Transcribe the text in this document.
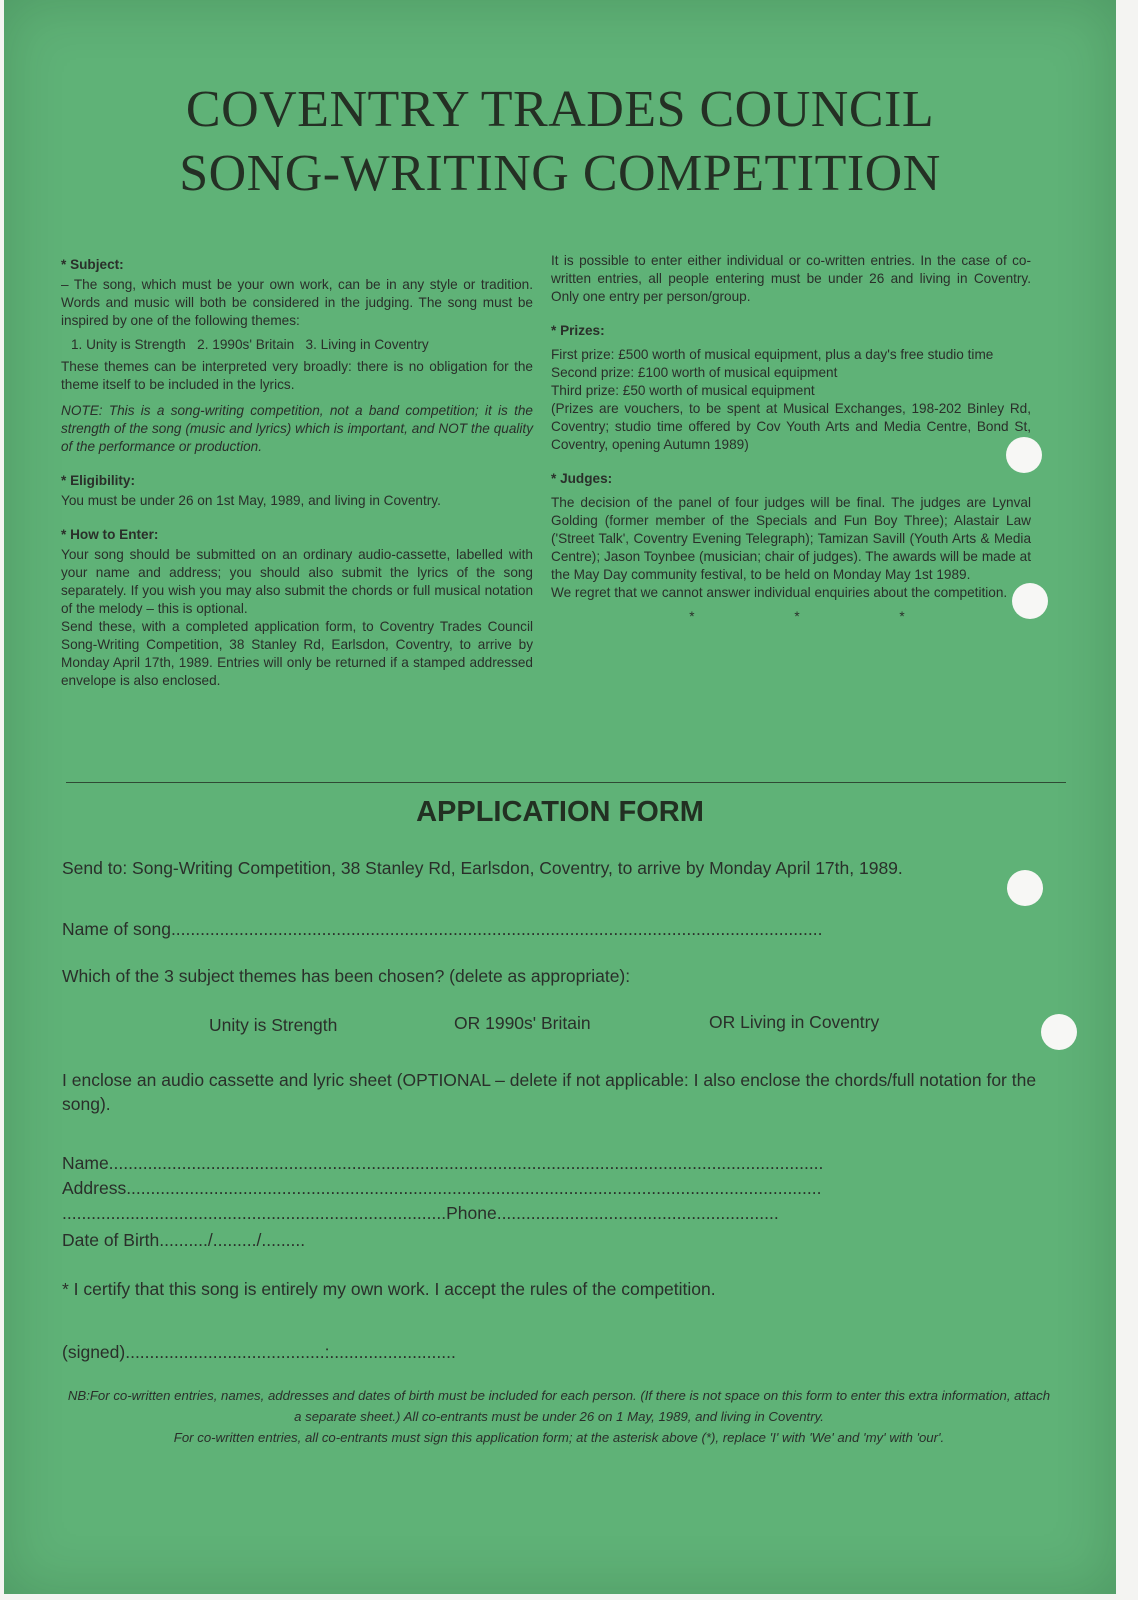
COVENTRY TRADES COUNCIL
SONG-WRITING COMPETITION
* Subject:

– The song, which must be your own work, can be in any style or tradition. Words and music will both be considered in the judging. The song must be inspired by one of the following themes:

1. Unity is Strength   2. 1990s' Britain   3. Living in Coventry

These themes can be interpreted very broadly: there is no obligation for the theme itself to be included in the lyrics.

NOTE: This is a song-writing competition, not a band competition; it is the strength of the song (music and lyrics) which is important, and NOT the quality of the performance or production.

* Eligibility:

You must be under 26 on 1st May, 1989, and living in Coventry.

* How to Enter:

Your song should be submitted on an ordinary audio-cassette, labelled with your name and address; you should also submit the lyrics of the song separately. If you wish you may also submit the chords or full musical notation of the melody – this is optional.

Send these, with a completed application form, to Coventry Trades Council Song-Writing Competition, 38 Stanley Rd, Earlsdon, Coventry, to arrive by Monday April 17th, 1989. Entries will only be returned if a stamped addressed envelope is also enclosed.

It is possible to enter either individual or co-written entries. In the case of co-written entries, all people entering must be under 26 and living in Coventry. Only one entry per person/group.

* Prizes:

First prize: £500 worth of musical equipment, plus a day's free studio time

Second prize: £100 worth of musical equipment

Third prize: £50 worth of musical equipment

(Prizes are vouchers, to be spent at Musical Exchanges, 198-202 Binley Rd, Coventry; studio time offered by Cov Youth Arts and Media Centre, Bond St, Coventry, opening Autumn 1989)

* Judges:

The decision of the panel of four judges will be final. The judges are Lynval Golding (former member of the Specials and Fun Boy Three); Alastair Law ('Street Talk', Coventry Evening Telegraph); Tamizan Savill (Youth Arts & Media Centre); Jason Toynbee (musician; chair of judges). The awards will be made at the May Day community festival, to be held on Monday May 1st 1989.

We regret that we cannot answer individual enquiries about the competition.

* * *
APPLICATION FORM
Send to: Song-Writing Competition, 38 Stanley Rd, Earlsdon, Coventry, to arrive by Monday April 17th, 1989.
Name of song......................................................................................................................................
Which of the 3 subject themes has been chosen? (delete as appropriate):
Unity is Strength	OR 1990s' Britain	OR Living in Coventry
I enclose an audio cassette and lyric sheet (OPTIONAL – delete if not applicable: I also enclose the chords/full notation for the song).
Name...................................................................................................................................................
Address...............................................................................................................................................
...............................................................................Phone..........................................................
Date of Birth........../........./.........
* I certify that this song is entirely my own work. I accept the rules of the competition.
(signed).........................................:..........................
NB:For co-written entries, names, addresses and dates of birth must be included for each person. (If there is not space on this form to enter this extra information, attach a separate sheet.) All co-entrants must be under 26 on 1 May, 1989, and living in Coventry.
For co-written entries, all co-entrants must sign this application form; at the asterisk above (*), replace 'I' with 'We' and 'my' with 'our'.
